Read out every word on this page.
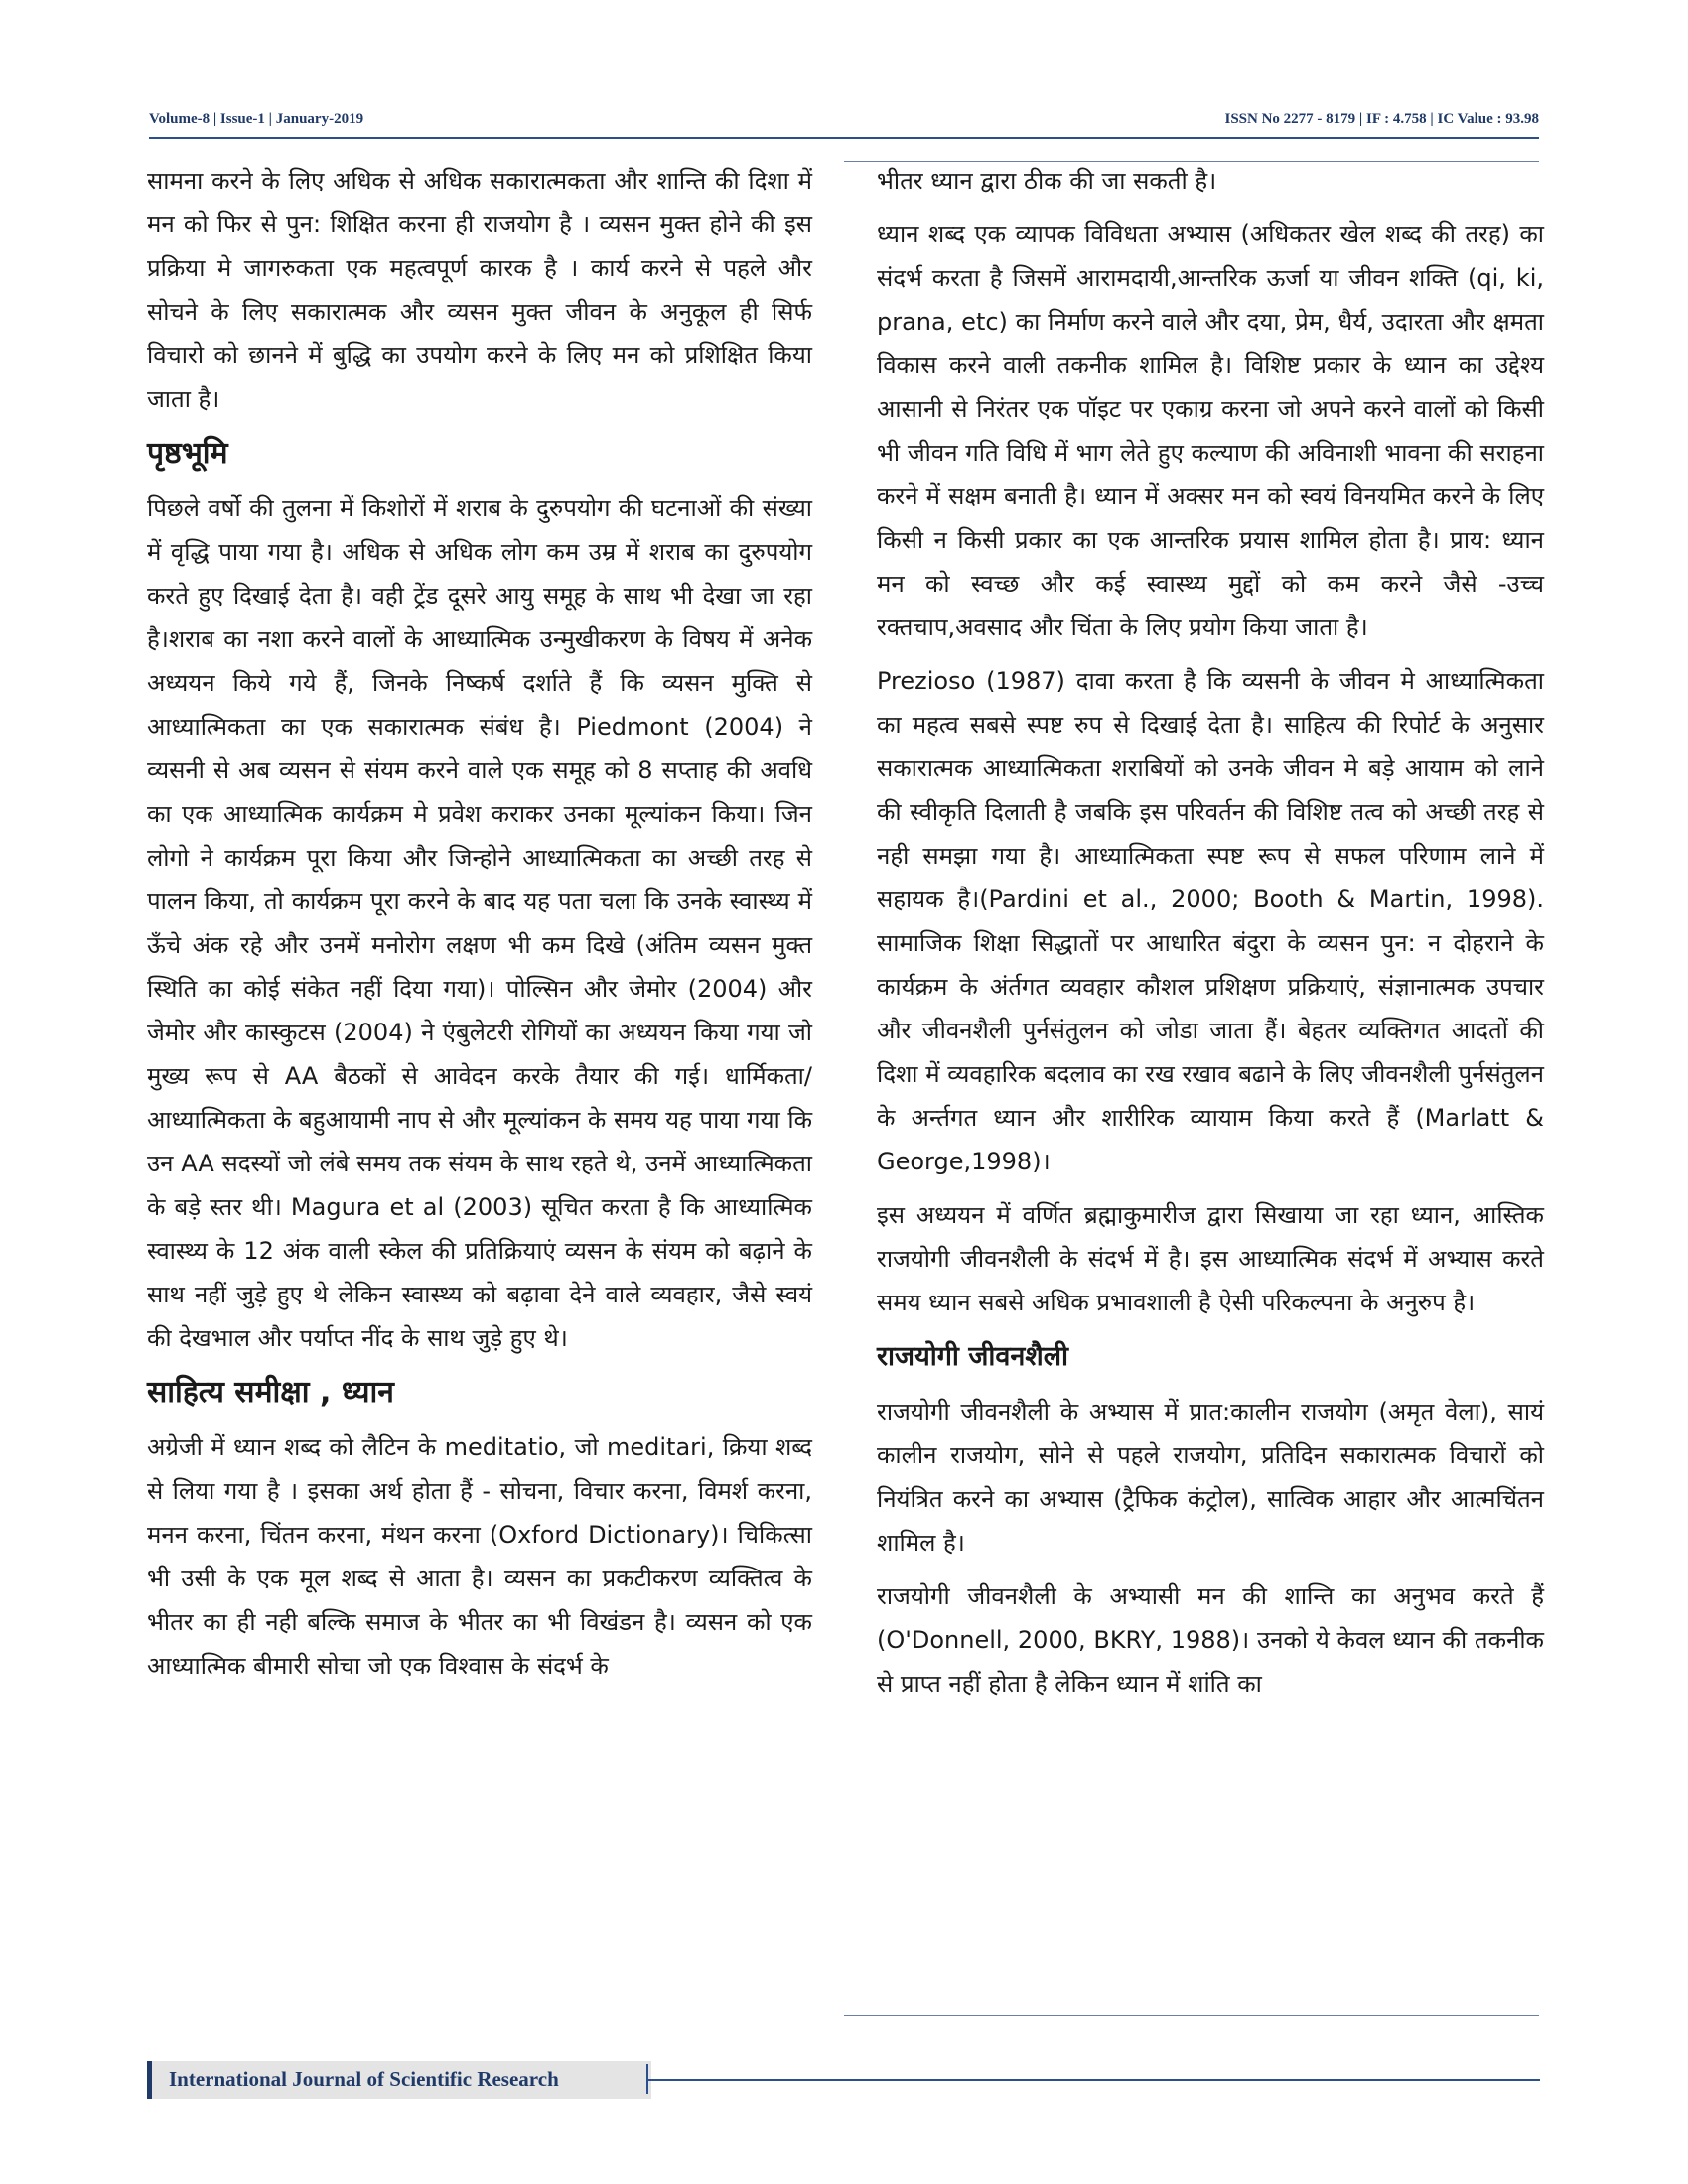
Volume-8 | Issue-1 | January-2019	ISSN No 2277 - 8179 | IF : 4.758 | IC Value : 93.98

सामना करने के लिए अधिक से अधिक सकारात्मकता और शान्ति की दिशा में मन को फिर से पुन: शिक्षित करना ही राजयोग है । व्यसन मुक्त होने की इस प्रक्रिया मे जागरुकता एक महत्वपूर्ण कारक है । कार्य करने से पहले और सोचने के लिए सकारात्मक और व्यसन मुक्त जीवन के अनुकूल ही सिर्फ विचारो को छानने में बुद्धि का उपयोग करने के लिए मन को प्रशिक्षित किया जाता है।

पृष्ठभूमि

पिछले वर्षो की तुलना में किशोरों में शराब के दुरुपयोग की घटनाओं की संख्या में वृद्धि पाया गया है। अधिक से अधिक लोग कम उम्र में शराब का दुरुपयोग करते हुए दिखाई देता है। वही ट्रेंड दूसरे आयु समूह के साथ भी देखा जा रहा है।शराब का नशा करने वालों के आध्यात्मिक उन्मुखीकरण के विषय में अनेक अध्ययन किये गये हैं, जिनके निष्कर्ष दर्शाते हैं कि व्यसन मुक्ति से आध्यात्मिकता का एक सकारात्मक संबंध है। Piedmont (2004) ने व्यसनी से अब व्यसन से संयम करने वाले एक समूह को 8 सप्ताह की अवधि का एक आध्यात्मिक कार्यक्रम मे प्रवेश कराकर उनका मूल्यांकन किया। जिन लोगो ने कार्यक्रम पूरा किया और जिन्होने आध्यात्मिकता का अच्छी तरह से पालन किया, तो कार्यक्रम पूरा करने के बाद यह पता चला कि उनके स्वास्थ्य में ऊँचे अंक रहे और उनमें मनोरोग लक्षण भी कम दिखे (अंतिम व्यसन मुक्त स्थिति का कोई संकेत नहीं दिया गया)। पोल्सिन और जेमोर (2004) और जेमोर और कास्कुटस (2004) ने एंबुलेटरी रोगियों का अध्ययन किया गया जो मुख्य रूप से AA बैठकों से आवेदन करके तैयार की गई। धार्मिकता/आध्यात्मिकता के बहुआयामी नाप से और मूल्यांकन के समय यह पाया गया कि उन AA सदस्यों जो लंबे समय तक संयम के साथ रहते थे, उनमें आध्यात्मिकता के बड़े स्तर थी। Magura et al (2003) सूचित करता है कि आध्यात्मिक स्वास्थ्य के 12 अंक वाली स्केल की प्रतिक्रियाएं व्यसन के संयम को बढ़ाने के साथ नहीं जुड़े हुए थे लेकिन स्वास्थ्य को बढ़ावा देने वाले व्यवहार, जैसे स्वयं की देखभाल और पर्याप्त नींद के साथ जुड़े हुए थे।

साहित्य समीक्षा , ध्यान

अग्रेजी में ध्यान शब्द को लैटिन के meditatio, जो meditari, क्रिया शब्द से लिया गया है । इसका अर्थ होता हैं - सोचना, विचार करना, विमर्श करना, मनन करना, चिंतन करना, मंथन करना (Oxford Dictionary)। चिकित्सा भी उसी के एक मूल शब्द से आता है। व्यसन का प्रकटीकरण व्यक्तित्व के भीतर का ही नही बल्कि समाज के भीतर का भी विखंडन है। व्यसन को एक आध्यात्मिक बीमारी सोचा जो एक विश्वास के संदर्भ के

भीतर ध्यान द्वारा ठीक की जा सकती है।

ध्यान शब्द एक व्यापक विविधता अभ्यास (अधिकतर खेल शब्द की तरह) का संदर्भ करता है जिसमें आरामदायी,आन्तरिक ऊर्जा या जीवन शक्ति (qi, ki, prana, etc) का निर्माण करने वाले और दया, प्रेम, धैर्य, उदारता और क्षमता विकास करने वाली तकनीक शामिल है। विशिष्ट प्रकार के ध्यान का उद्देश्य आसानी से निरंतर एक पॉइट पर एकाग्र करना जो अपने करने वालों को किसी भी जीवन गति विधि में भाग लेते हुए कल्याण की अविनाशी भावना की सराहना करने में सक्षम बनाती है। ध्यान में अक्सर मन को स्वयं विनयमित करने के लिए किसी न किसी प्रकार का एक आन्तरिक प्रयास शामिल होता है। प्राय: ध्यान मन को स्वच्छ और कई स्वास्थ्य मुद्दों को कम करने जैसे -उच्च रक्तचाप,अवसाद और चिंता के लिए प्रयोग किया जाता है।

Prezioso (1987) दावा करता है कि व्यसनी के जीवन मे आध्यात्मिकता का महत्व सबसे स्पष्ट रुप से दिखाई देता है। साहित्य की रिपोर्ट के अनुसार सकारात्मक आध्यात्मिकता शराबियों को उनके जीवन मे बड़े आयाम को लाने की स्वीकृति दिलाती है जबकि इस परिवर्तन की विशिष्ट तत्व को अच्छी तरह से नही समझा गया है। आध्यात्मिकता स्पष्ट रूप से सफल परिणाम लाने में सहायक है।(Pardini et al., 2000; Booth & Martin, 1998). सामाजिक शिक्षा सिद्धातों पर आधारित बंदुरा के व्यसन पुन: न दोहराने के कार्यक्रम के अंर्तगत व्यवहार कौशल प्रशिक्षण प्रक्रियाएं, संज्ञानात्मक उपचार और जीवनशैली पुर्नसंतुलन को जोडा जाता हैं। बेहतर व्यक्तिगत आदतों की दिशा में व्यवहारिक बदलाव का रख रखाव बढाने के लिए जीवनशैली पुर्नसंतुलन के अर्न्तगत ध्यान और शारीरिक व्यायाम किया करते हैं (Marlatt & George,1998)।

इस अध्ययन में वर्णित ब्रह्माकुमारीज द्वारा सिखाया जा रहा ध्यान, आस्तिक राजयोगी जीवनशैली के संदर्भ में है। इस आध्यात्मिक संदर्भ में अभ्यास करते समय ध्यान सबसे अधिक प्रभावशाली है ऐसी परिकल्पना के अनुरुप है।

राजयोगी जीवनशैली

राजयोगी जीवनशैली के अभ्यास में प्रात:कालीन राजयोग (अमृत वेला), सायं कालीन राजयोग, सोने से पहले राजयोग, प्रतिदिन सकारात्मक विचारों को नियंत्रित करने का अभ्यास (ट्रैफिक कंट्रोल), सात्विक आहार और आत्मचिंतन शामिल है।

राजयोगी जीवनशैली के अभ्यासी मन की शान्ति का अनुभव करते हैं (O'Donnell, 2000, BKRY, 1988)। उनको ये केवल ध्यान की तकनीक से प्राप्त नहीं होता है लेकिन ध्यान में शांति का

International Journal of Scientific Research
